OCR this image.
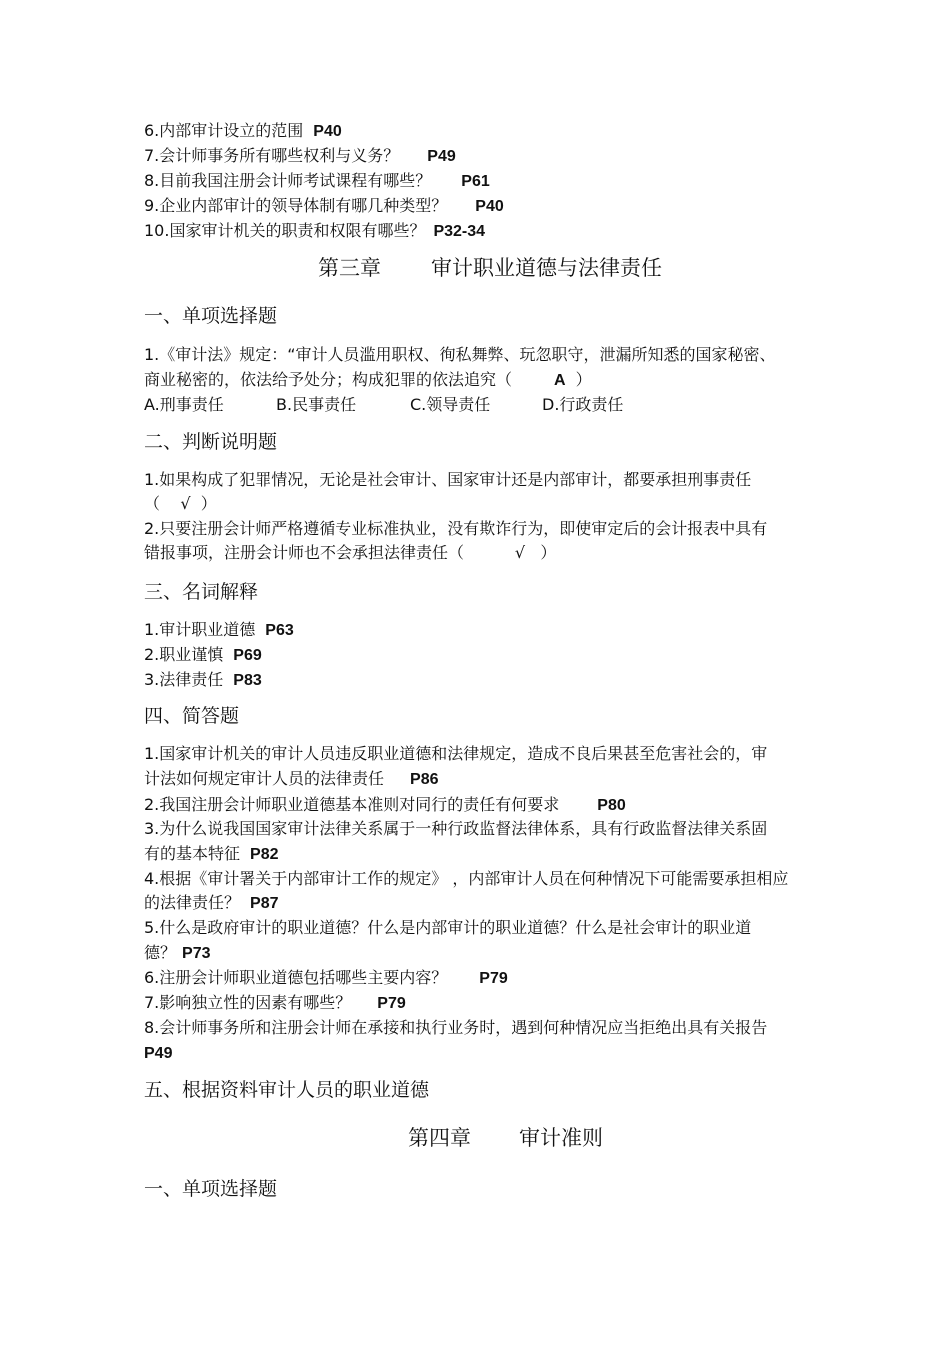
6.内部审计设立的范围 P40
7.会计师事务所有哪些权利与义务？ P49
8.目前我国注册会计师考试课程有哪些？ P61
9.企业内部审计的领导体制有哪几种类型？ P40
10.国家审计机关的职责和权限有哪些？ P32-34
第三章 审计职业道德与法律责任
一、单项选择题
1.《审计法》规定：“审计人员滥用职权、徇私舞弊、玩忽职守，泄漏所知悉的国家秘密、
商业秘密的，依法给予处分；构成犯罪的依法追究（	A ）
A.刑事责任	B.民事责任	C.领导责任	D.行政责任
二、判断说明题
1.如果构成了犯罪情况，无论是社会审计、国家审计还是内部审计，都要承担刑事责任
（    √  ）
2.只要注册会计师严格遵循专业标准执业，没有欺诈行为，即使审定后的会计报表中具有
错报事项，注册会计师也不会承担法律责任（          √   ）
三、名词解释
1.审计职业道德 P63
2.职业谨慎 P69
3.法律责任 P83
四、简答题
1.国家审计机关的审计人员违反职业道德和法律规定，造成不良后果甚至危害社会的，审
计法如何规定审计人员的法律责任 P86
2.我国注册会计师职业道德基本准则对同行的责任有何要求 P80
3.为什么说我国国家审计法律关系属于一种行政监督法律体系，具有行政监督法律关系固
有的基本特征 P82
4.根据《审计署关于内部审计工作的规定》 ，内部审计人员在何种情况下可能需要承担相应
的法律责任？ P87
5.什么是政府审计的职业道德？什么是内部审计的职业道德？什么是社会审计的职业道
德？ P73
6.注册会计师职业道德包括哪些主要内容？ P79
7.影响独立性的因素有哪些？ P79
8.会计师事务所和注册会计师在承接和执行业务时，遇到何种情况应当拒绝出具有关报告
P49
五、根据资料审计人员的职业道德
第四章 审计准则
一、单项选择题
